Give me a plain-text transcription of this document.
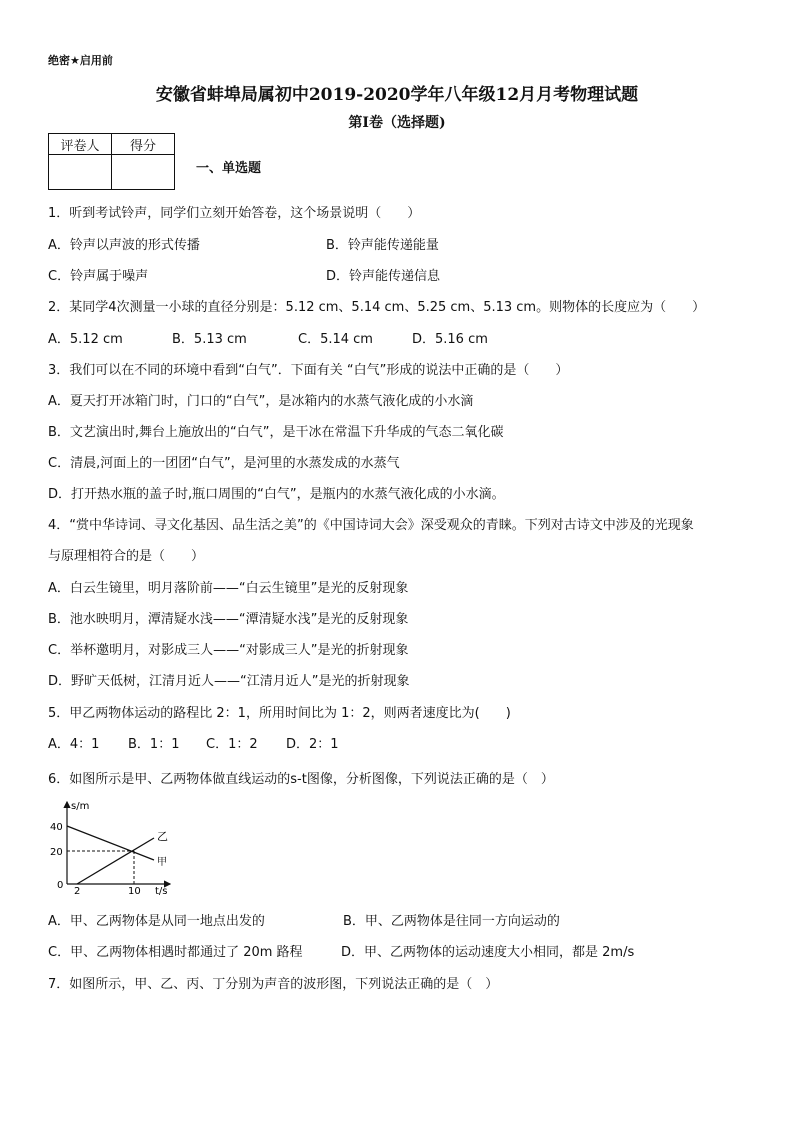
绝密★启用前
安徽省蚌埠局属初中2019-2020学年八年级12月月考物理试题
第I卷（选择题)
评卷人	得分

一、单选题
1．听到考试铃声，同学们立刻开始答卷，这个场景说明（　　）
A．铃声以声波的形式传播	B．铃声能传递能量
C．铃声属于噪声	D．铃声能传递信息
2．某同学4次测量一小球的直径分别是：5.12 cm、5.14 cm、5.25 cm、5.13 cm。则物体的长度应为（　　）
A．5.12 cm	B．5.13 cm	C．5.14 cm	D．5.16 cm
3．我们可以在不同的环境中看到“白气”．下面有关 “白气”形成的说法中正确的是（　　）
A．夏天打开冰箱门时，门口的“白气”，是冰箱内的水蒸气液化成的小水滴
B．文艺演出时,舞台上施放出的“白气”，是干冰在常温下升华成的气态二氧化碳
C．清晨,河面上的一团团“白气”，是河里的水蒸发成的水蒸气
D．打开热水瓶的盖子时,瓶口周围的“白气”，是瓶内的水蒸气液化成的小水滴。
4．“赏中华诗词、寻文化基因、品生活之美”的《中国诗词大会》深受观众的青睐。下列对古诗文中涉及的光现象
与原理相符合的是（　　）
A．白云生镜里，明月落阶前——“白云生镜里”是光的反射现象
B．池水映明月，潭清疑水浅——“潭清疑水浅”是光的反射现象
C．举杯邀明月，对影成三人——“对影成三人”是光的折射现象
D．野旷天低树，江清月近人——“江清月近人”是光的折射现象
5．甲乙两物体运动的路程比 2：1，所用时间比为 1：2，则两者速度比为(　　)
A．4：1 B．1：1 C．1：2 D．2：1
6．如图所示是甲、乙两物体做直线运动的s-t图像，分析图像，下列说法正确的是（　）
s/m
t/s
40
20
0
2	10
乙
甲
A．甲、乙两物体是从同一地点出发的	B．甲、乙两物体是往同一方向运动的
C．甲、乙两物体相遇时都通过了 20m 路程	D．甲、乙两物体的运动速度大小相同，都是 2m/s
7．如图所示，甲、乙、丙、丁分别为声音的波形图，下列说法正确的是（　）
